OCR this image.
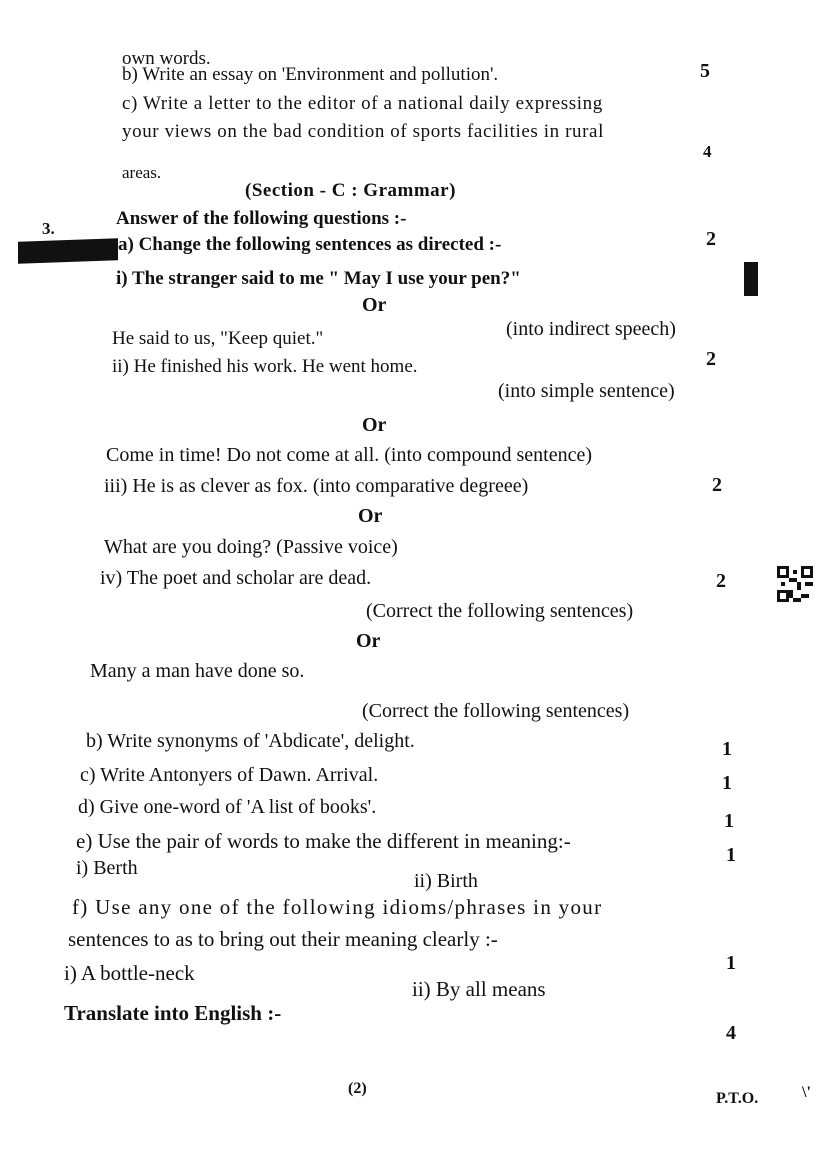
own words.
b) Write an essay on 'Environment and pollution'.	5
c) Write a letter to the editor of a national daily expressing
your views on the bad condition of sports facilities in rural
4
areas.
(Section - C : Grammar)
3.	Answer of the following questions :-
a) Change the following sentences as directed :-	2
i) The stranger said to me " May I use your pen?"
Or
He said to us, "Keep quiet."	(into indirect speech)
ii) He finished his work. He went home.	2
(into simple sentence)
Or
Come in time! Do not come at all. (into compound sentence)
iii) He is as clever as fox. (into comparative degreee)	2
Or
What are you doing? (Passive voice)
iv) The poet and scholar are dead.	2
(Correct the following sentences)
Or
Many a man have done so.
(Correct the following sentences)
b) Write synonyms of 'Abdicate', delight.	1
c) Write Antonyers of Dawn. Arrival.	1
d) Give one-word of 'A list of books'.
1
e) Use the pair of words to make the different in meaning:-
1
i) Berth
ii) Birth
f) Use any one of the following idioms/phrases in your
sentences to as to bring out their meaning clearly :-
1
i) A bottle-neck
ii) By all means
Translate into English :-
4
(2)
P.T.O.	\'
